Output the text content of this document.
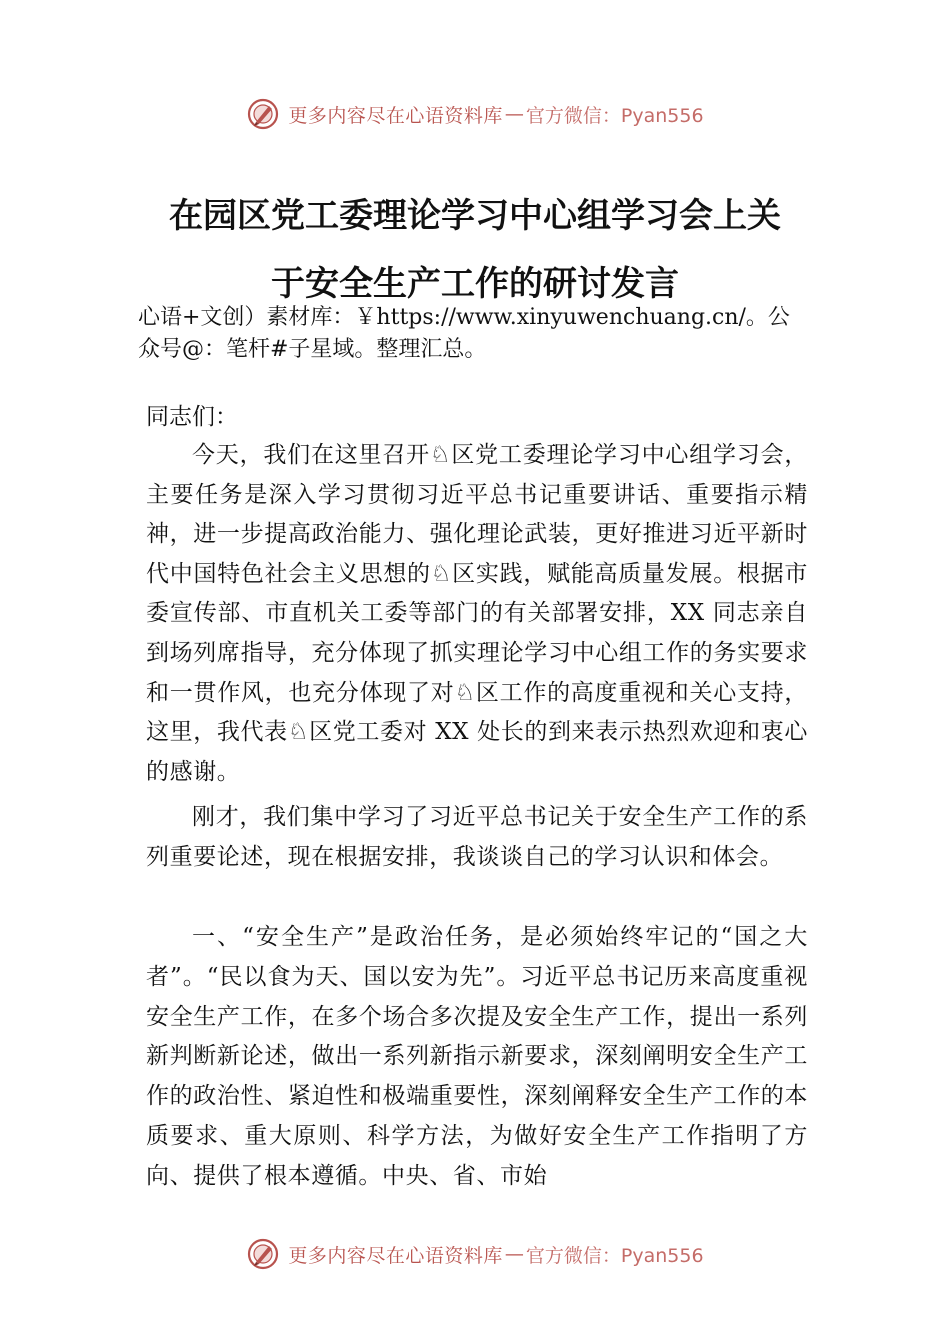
更多内容尽在心语资料库 — 官方微信：Pyan556
在园区党工委理论学习中心组学习会上关
于安全生产工作的研讨发言
心语+文创）素材库：￥https://www.xinyuwenchuang.cn/。公
众号@：笔杆#子星域。整理汇总。
同志们：
今天，我们在这里召开♘区党工委理论学习中心组学习会，主要任务是深入学习贯彻习近平总书记重要讲话、重要指示精神，进一步提高政治能力、强化理论武装，更好推进习近平新时代中国特色社会主义思想的♘区实践，赋能高质量发展。根据市委宣传部、市直机关工委等部门的有关部署安排，XX 同志亲自到场列席指导，充分体现了抓实理论学习中心组工作的务实要求和一贯作风，也充分体现了对♘区工作的高度重视和关心支持，这里，我代表♘区党工委对 XX 处长的到来表示热烈欢迎和衷心的感谢。
刚才，我们集中学习了习近平总书记关于安全生产工作的系列重要论述，现在根据安排，我谈谈自己的学习认识和体会。
一、“安全生产”是政治任务，是必须始终牢记的“国之大者”。“民以食为天、国以安为先”。习近平总书记历来高度重视安全生产工作，在多个场合多次提及安全生产工作，提出一系列新判断新论述，做出一系列新指示新要求，深刻阐明安全生产工作的政治性、紧迫性和极端重要性，深刻阐释安全生产工作的本质要求、重大原则、科学方法，为做好安全生产工作指明了方向、提供了根本遵循。中央、省、市始
更多内容尽在心语资料库 — 官方微信：Pyan556
